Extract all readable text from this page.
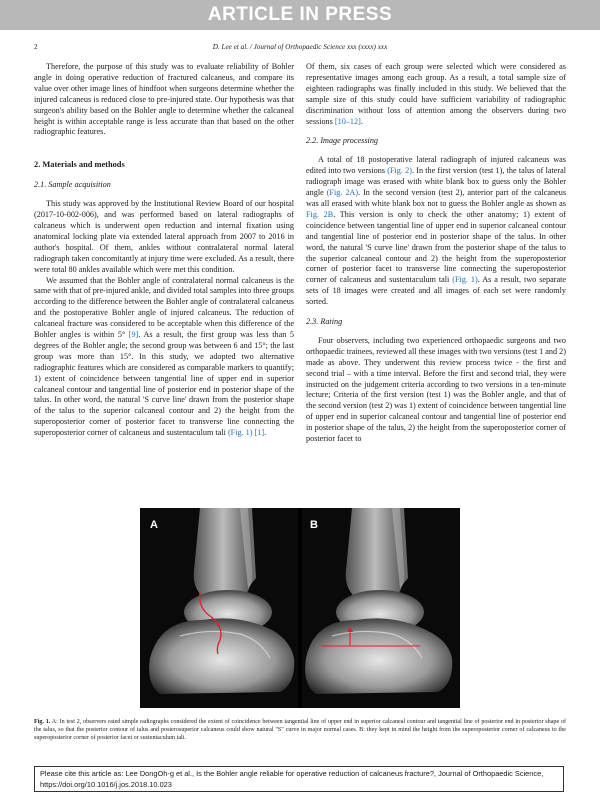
ARTICLE IN PRESS
2	D. Lee et al. / Journal of Orthopaedic Science xxx (xxxx) xxx

Therefore, the purpose of this study was to evaluate reliability of Bohler angle in doing operative reduction of fractured calcaneus, and compare its value over other image lines of hindfoot when surgeons determine whether the injured calcaneus is reduced close to pre-injured state. Our hypothesis was that surgeon's ability based on the Bohler angle to determine whether the calcaneal height is within acceptable range is less accurate than that based on the other radiographic features.

2. Materials and methods
2.1. Sample acquisition

This study was approved by the Institutional Review Board of our hospital (2017-10-002-006), and was performed based on lateral radiographs of calcaneus which is underwent open reduction and internal fixation using anatomical locking plate via extended lateral approach from 2007 to 2016 in author's hospital. Of them, ankles without contralateral normal lateral radiograph taken concomitantly at injury time were excluded. As a result, there were total 80 ankles available which were met this condition.

We assumed that the Bohler angle of contralateral normal calcaneus is the same with that of pre-injured ankle, and divided total samples into three groups according to the difference between the Bohler angle of contralateral calcaneus and the postoperative Bohler angle of injured calcaneus. The reduction of calcaneal fracture was considered to be acceptable when this difference of the Bohler angles is within 5° [9]. As a result, the first group was less than 5 degrees of the Bohler angle; the second group was between 6 and 15°; the last group was more than 15°. In this study, we adopted two alternative radiographic features which are considered as comparable markers to quantify; 1) extent of coincidence between tangential line of upper end in superior calcaneal contour and tangential line of posterior end in posterior shape of the talus. In other word, the natural 'S curve line' drawn from the posterior shape of the talus to the superior calcaneal contour and 2) the height from the superoposterior corner of posterior facet to transverse line connecting the superoposterior corner of calcaneus and sustentaculum tali (Fig. 1) [1].

Of them, six cases of each group were selected which were considered as representative images among each group. As a result, a total sample size of eighteen radiographs was finally included in this study. We believed that the sample size of this study could have sufficient variability of radiographic discrimination without loss of attention among the observers during two sessions [10–12].

2.2. Image processing

A total of 18 postoperative lateral radiograph of injured calcaneus was edited into two versions (Fig. 2). In the first version (test 1), the talus of lateral radiograph image was erased with white blank box to guess only the Bohler angle (Fig. 2A). In the second version (test 2), anterior part of the calcaneus was all erased with white blank box not to guess the Bohler angle as shown as Fig. 2B. This version is only to check the other anatomy; 1) extent of coincidence between tangential line of upper end in superior calcaneal contour and tangential line of posterior end in posterior shape of the talus. In other word, the natural 'S curve line' drawn from the posterior shape of the talus to the superior calcaneal contour and 2) the height from the superoposterior corner of posterior facet to transverse line connecting the superoposterior corner of calcaneus and sustentaculum tali (Fig. 1). As a result, two separate sets of 18 images were created and all images of each set were randomly sorted.

2.3. Rating

Four observers, including two experienced orthopaedic surgeons and two orthopaedic trainees, reviewed all these images with two versions (test 1 and 2) made as above. They underwent this review process twice - the first and second trial – with a time interval. Before the first and second trial, they were instructed on the judgement criteria according to two versions in a ten-minute lecture; Criteria of the first version (test 1) was the Bohler angle, and that of the second version (test 2) was 1) extent of coincidence between tangential line of upper end in superior calcaneal contour and tangential line of posterior end in posterior shape of the talus, 2) the height from the superoposterior corner of posterior facet to

A	B
Fig. 1. A: In test 2, observers rated simple radiographs considered the extent of coincidence between tangential line of upper end in superior calcaneal contour and tangential line of posterior end in posterior shape of the talus, so that the posterior contour of talus and posterosuperior calcaneus could show natural "S" curve in major normal cases. B: they kept in mind the height from the superoposterior corner of calcaneus to the superoposterior corner of posterior facet or sustentaculum tali.
Please cite this article as: Lee DongOh-g et al., Is the Bohler angle reliable for operative reduction of calcaneus fracture?, Journal of Orthopaedic Science, https://doi.org/10.1016/j.jos.2018.10.023
